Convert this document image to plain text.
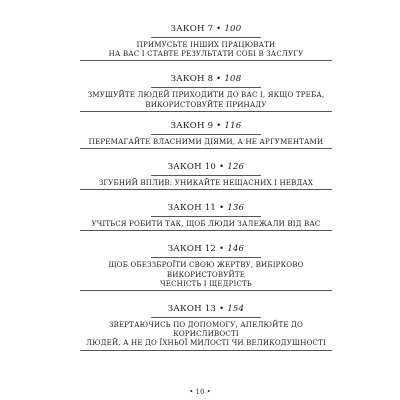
ЗАКОН 7 • 100
ПРИМУСЬТЕ ІНШИХ ПРАЦЮВАТИ
НА ВАС І СТАВТЕ РЕЗУЛЬТАТИ СОБІ В ЗАСЛУГУ
ЗАКОН 8 • 108
ЗМУШУЙТЕ ЛЮДЕЙ ПРИХОДИТИ ДО ВАС І, ЯКЩО ТРЕБА,
ВИКОРИСТОВУЙТЕ ПРИНАДУ
ЗАКОН 9 • 116
ПЕРЕМАГАЙТЕ ВЛАСНИМИ ДІЯМИ, А НЕ АРГУМЕНТАМИ
ЗАКОН 10 • 126
ЗГУБНИЙ ВПЛИВ: УНИКАЙТЕ НЕЩАСНИХ І НЕВДАХ
ЗАКОН 11 • 136
УЧІТЬСЯ РОБИТИ ТАК, ЩОБ ЛЮДИ ЗАЛЕЖАЛИ ВІД ВАС
ЗАКОН 12 • 146
ЩОБ ОБЕЗЗБРОЇТИ СВОЮ ЖЕРТВУ, ВИБІРКОВО ВИКОРИСТОВУЙТЕ
ЧЕСНІСТЬ І ЩЕДРІСТЬ
ЗАКОН 13 • 154
ЗВЕРТАЮЧИСЬ ПО ДОПОМОГУ, АПЕЛЮЙТЕ ДО КОРИСЛИВОСТІ
ЛЮДЕЙ, А НЕ ДО ЇХНЬОЇ МИЛОСТІ ЧИ ВЕЛИКОДУШНОСТІ
• 10 •
